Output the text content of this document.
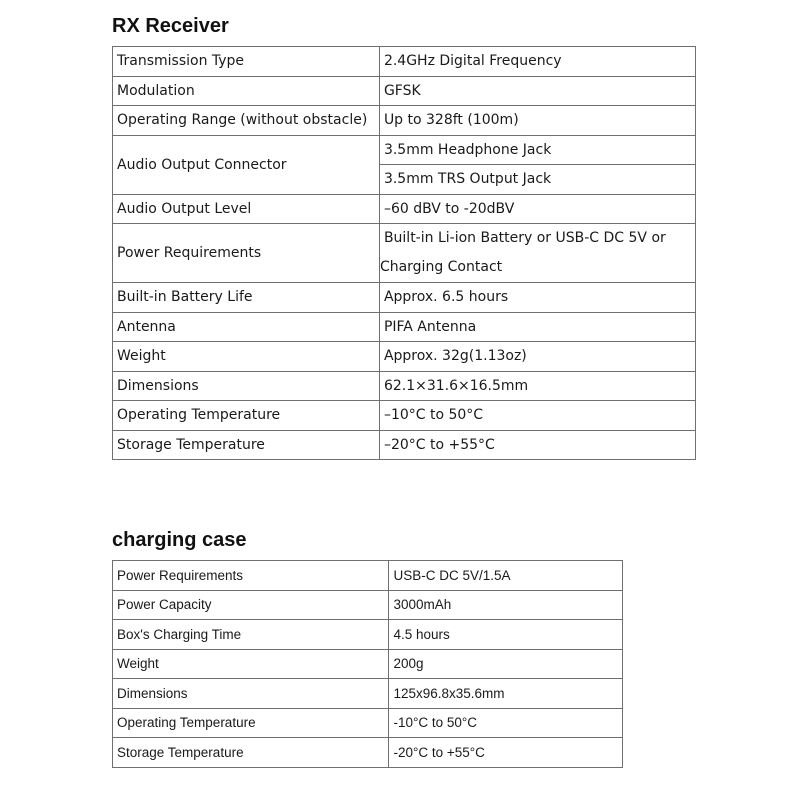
RX Receiver
Transmission Type	2.4GHz Digital Frequency
Modulation	GFSK
Operating Range (without obstacle)	Up to 328ft (100m)
Audio Output Connector	3.5mm Headphone Jack
	3.5mm TRS Output Jack
Audio Output Level	–60 dBV to -20dBV
Power Requirements	Built-in Li-ion Battery or USB-C DC 5V or
Charging Contact

Built-in Battery Life	Approx. 6.5 hours
Antenna	PIFA Antenna
Weight	Approx. 32g(1.13oz)
Dimensions	62.1×31.6×16.5mm
Operating Temperature	–10°C to 50°C
Storage Temperature	–20°C to +55°C
charging case
Power Requirements	USB-C DC 5V/1.5A
Power Capacity	3000mAh
Box's Charging Time	4.5 hours
Weight	200g
Dimensions	125x96.8x35.6mm
Operating Temperature	-10°C to 50°C
Storage Temperature	-20°C to +55°C
